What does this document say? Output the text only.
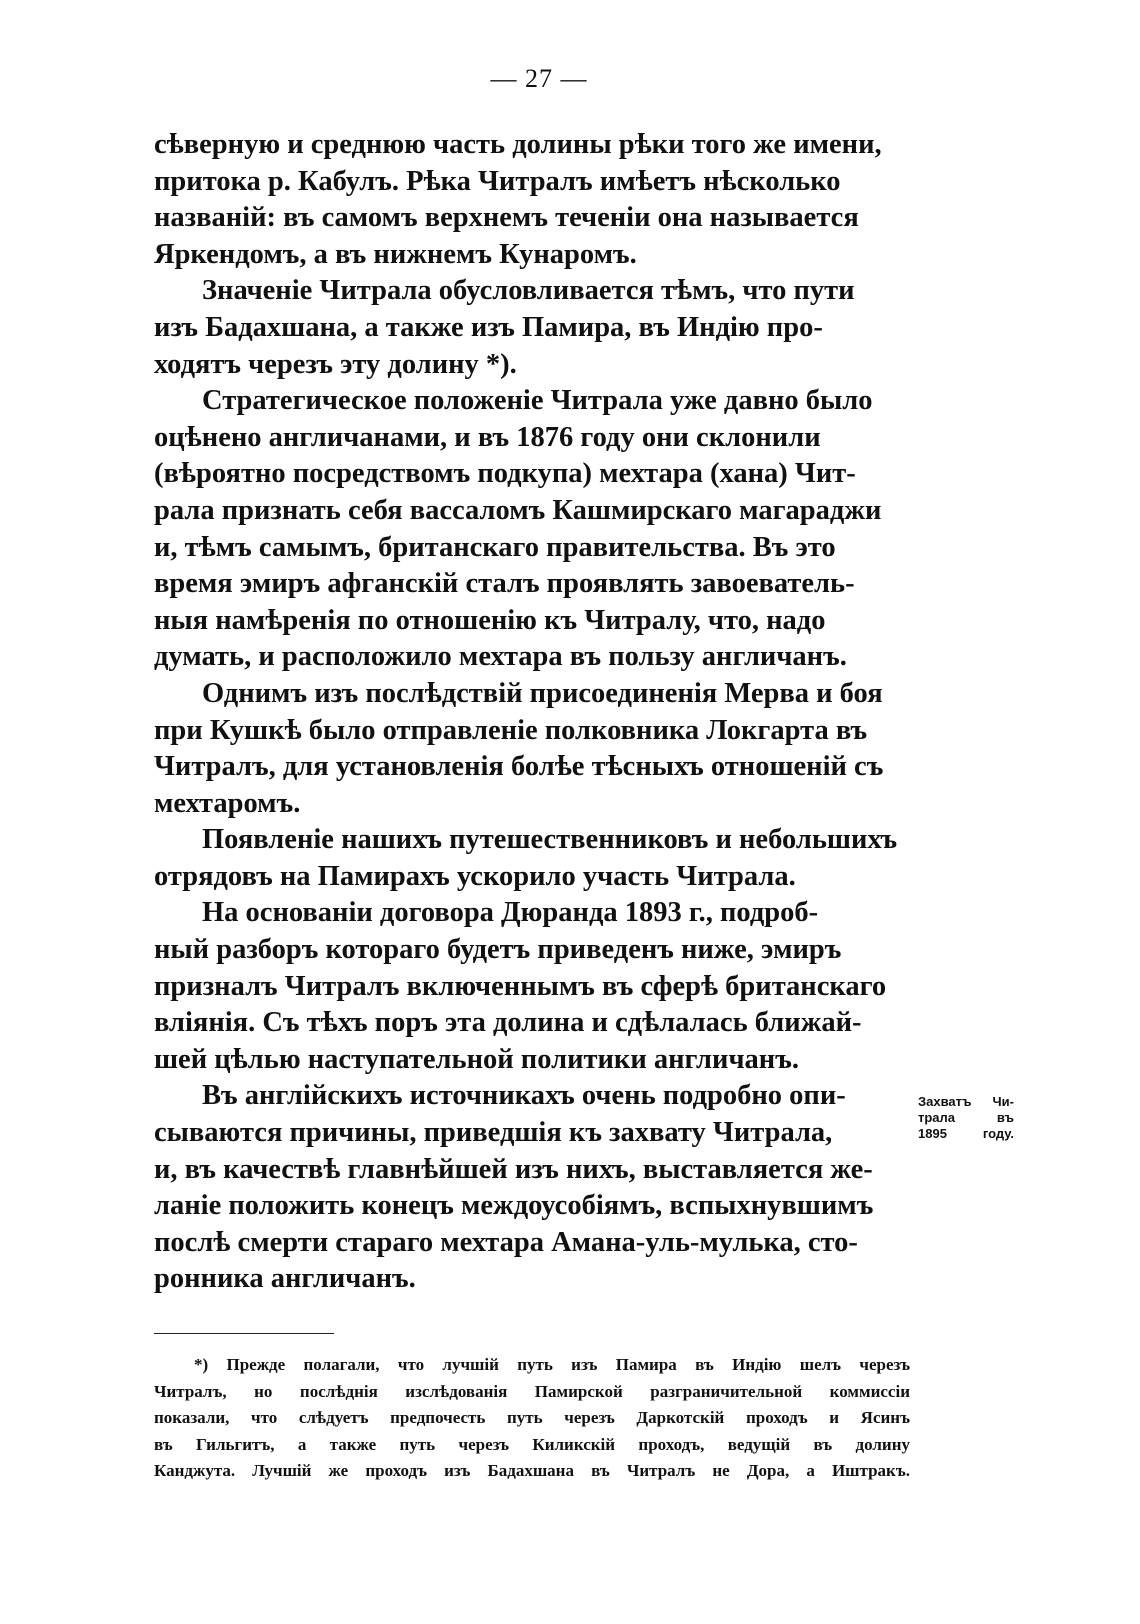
— 27 —

сѣверную и среднюю часть долины рѣки того же имени,
притока р. Кабулъ. Рѣка Читралъ имѣетъ нѣсколько
названій: въ самомъ верхнемъ теченіи она называется
Яркендомъ, а въ нижнемъ Кунаромъ.

Значеніе Читрала обусловливается тѣмъ, что пути
изъ Бадахшана, а также изъ Памира, въ Индію про-
ходятъ черезъ эту долину *).

Стратегическое положеніе Читрала уже давно было
оцѣнено англичанами, и въ 1876 году они склонили
(вѣроятно посредствомъ подкупа) мехтара (хана) Чит-
рала признать себя вассаломъ Кашмирскаго магараджи
и, тѣмъ самымъ, британскаго правительства. Въ это
время эмиръ афганскій сталъ проявлять завоеватель-
ныя намѣренія по отношенію къ Читралу, что, надо
думать, и расположило мехтара въ пользу англичанъ.

Однимъ изъ послѣдствій присоединенія Мерва и боя
при Кушкѣ было отправленіе полковника Локгарта въ
Читралъ, для установленія болѣе тѣсныхъ отношеній съ
мехтаромъ.

Появленіе нашихъ путешественниковъ и небольшихъ
отрядовъ на Памирахъ ускорило участь Читрала.

На основаніи договора Дюранда 1893 г., подроб-
ный разборъ котораго будетъ приведенъ ниже, эмиръ
призналъ Читралъ включеннымъ въ сферѣ британскаго
вліянія. Съ тѣхъ поръ эта долина и сдѣлалась ближай-
шей цѣлью наступательной политики англичанъ.

Въ англійскихъ источникахъ очень подробно опи-
сываются причины, приведшія къ захвату Читрала,
и, въ качествѣ главнѣйшей изъ нихъ, выставляется же-
ланіе положить конецъ междоусобіямъ, вспыхнувшимъ
послѣ смерти стараго мехтара Амана-уль-мулька, сто-
ронника англичанъ.

Захватъ Чи-
трала въ
1895 году.
*) Прежде полагали, что лучшій путь изъ Памира въ Индію шелъ черезъ
Читралъ, но послѣднія изслѣдованія Памирской разграничительной коммиссіи
показали, что слѣдуетъ предпочесть путь черезъ Даркотскій проходъ и Ясинъ
въ Гильгитъ, а также путь черезъ Киликскій проходъ, ведущій въ долину
Канджута. Лучшій же проходъ изъ Бадахшана въ Читралъ не Дора, а Иштракъ.
